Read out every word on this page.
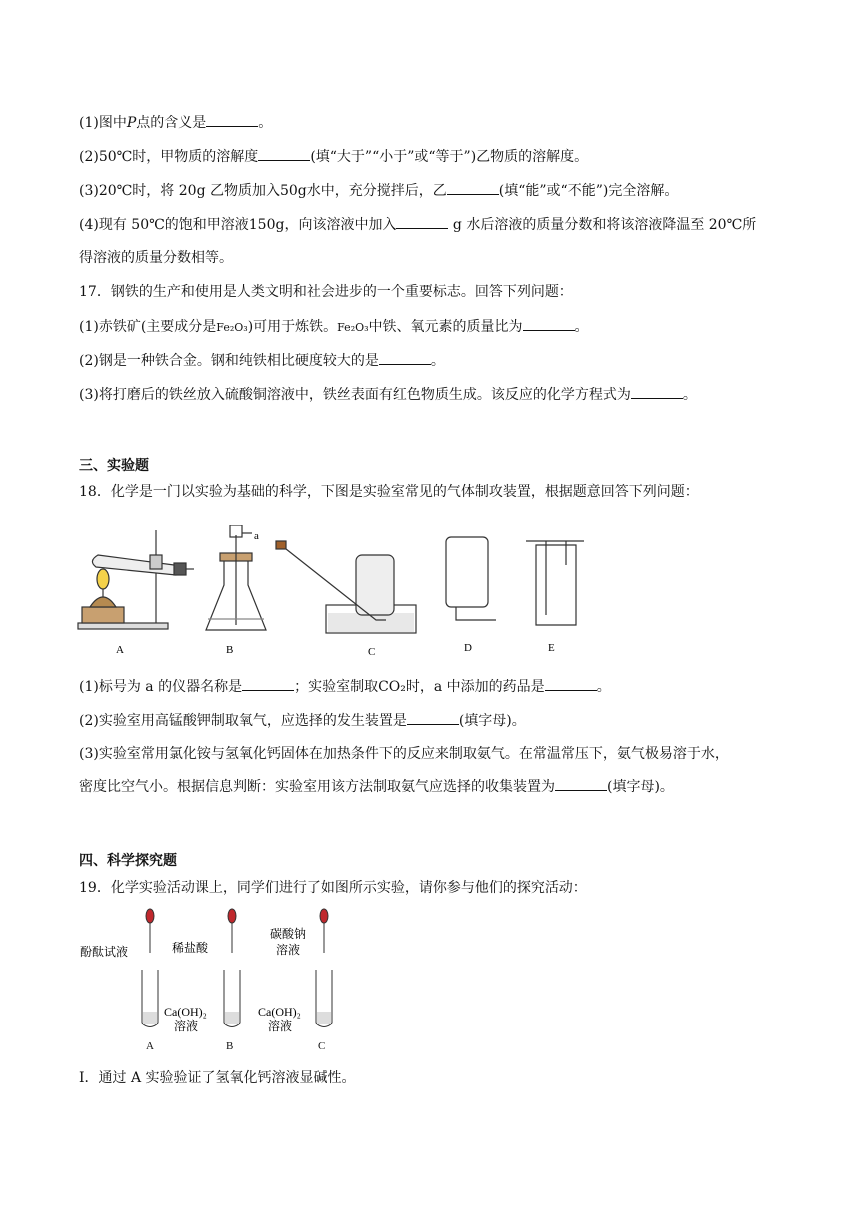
(1)图中P点的含义是	。
(2)50℃时，甲物质的溶解度	(填“大于”“小于”或“等于”)乙物质的溶解度。
(3)20℃时，将 20g 乙物质加入50g水中，充分搅拌后，乙	(填“能”或“不能”)完全溶解。
(4)现有 50℃的饱和甲溶液150g，向该溶液中加入	g 水后溶液的质量分数和将该溶液降温至 20℃所
得溶液的质量分数相等。
17．钢铁的生产和使用是人类文明和社会进步的一个重要标志。回答下列问题：
(1)赤铁矿(主要成分是Fe₂O₃)可用于炼铁。Fe₂O₃中铁、氧元素的质量比为	。
(2)钢是一种铁合金。钢和纯铁相比硬度较大的是	。
(3)将打磨后的铁丝放入硫酸铜溶液中，铁丝表面有红色物质生成。该反应的化学方程式为	。
三、实验题
18．化学是一门以实验为基础的科学，下图是实验室常见的气体制攻装置，根据题意回答下列问题：
a
A	B	C	D	E
(1)标号为 a 的仪器名称是	；实验室制取CO₂时，a 中添加的药品是	。
(2)实验室用高锰酸钾制取氧气，应选择的发生装置是	(填字母)。
(3)实验室常用氯化铵与氢氧化钙固体在加热条件下的反应来制取氨气。在常温常压下，氨气极易溶于水，
密度比空气小。根据信息判断：实验室用该方法制取氨气应选择的收集装置为	(填字母)。
四、科学探究题
19．化学实验活动课上，同学们进行了如图所示实验，请你参与他们的探究活动：
酚酞试液	稀盐酸
碳酸钠
溶液
Ca(OH)₂
溶液
Ca(OH)₂
溶液
A	B	C
I．通过 A 实验验证了氢氧化钙溶液显碱性。
